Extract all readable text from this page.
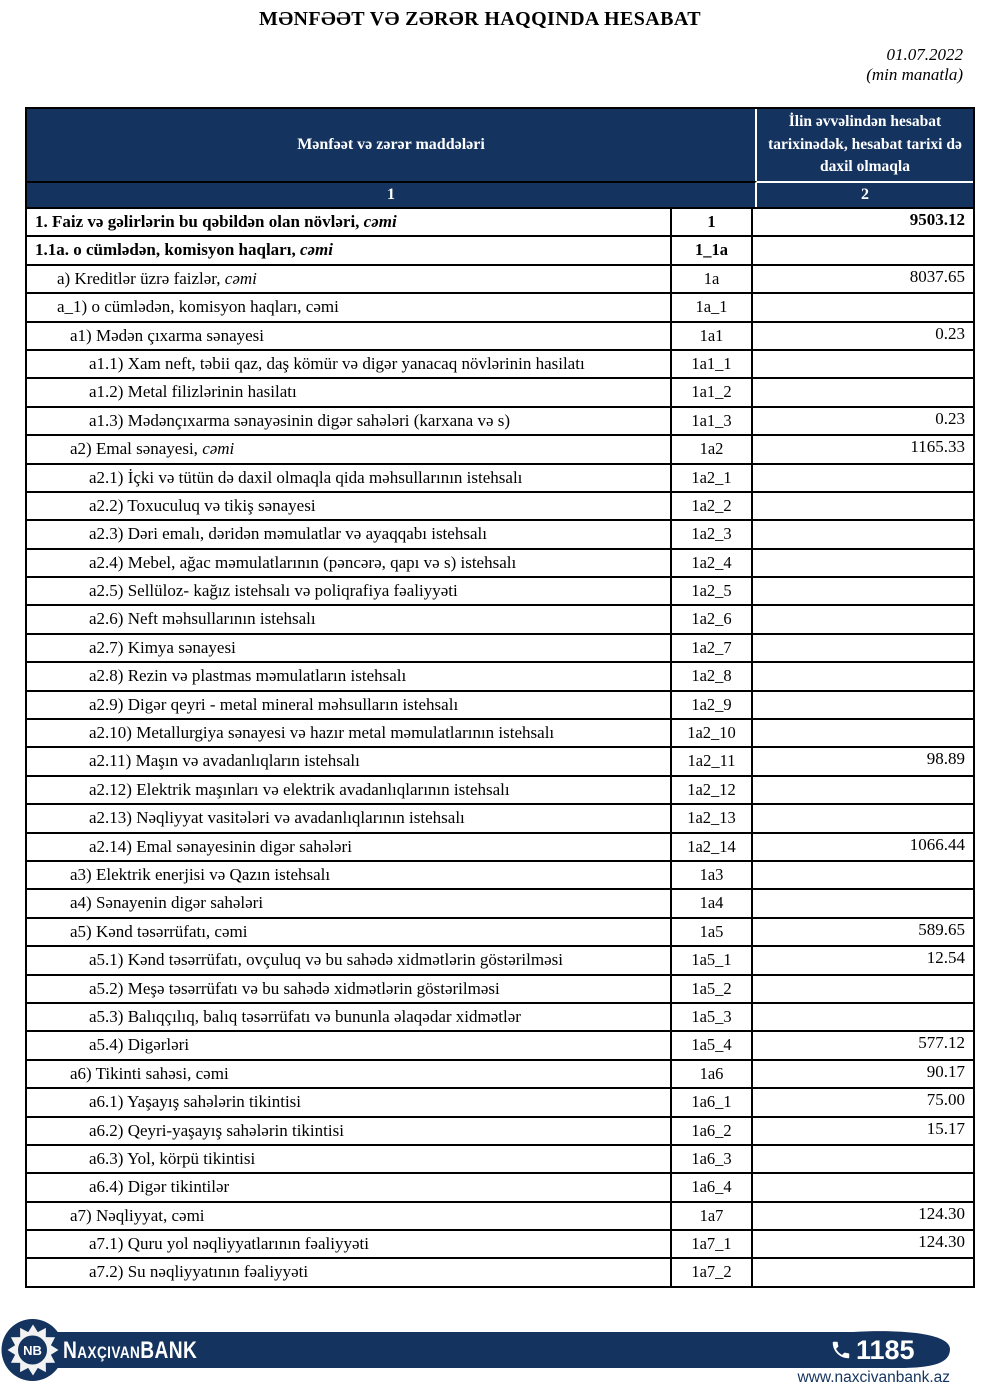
MƏNFƏƏT VƏ ZƏRƏR HAQQINDA HESABAT
01.07.2022
(min manatla)
Mənfəət və zərər maddələri
İlin əvvəlindən hesabat tarixinədək, hesabat tarixi də daxil olmaqla
1	2
1. Faiz və gəlirlərin bu qəbildən olan növləri, cəmi	1	9503.12
1.1a. o cümlədən, komisyon haqları, cəmi	1_1a
a) Kreditlər üzrə faizlər, cəmi	1a	8037.65
a_1) o cümlədən, komisyon haqları, cəmi	1a_1
a1) Mədən çıxarma sənayesi	1a1	0.23
a1.1) Xam neft, təbii qaz, daş kömür və digər yanacaq növlərinin hasilatı	1a1_1
a1.2) Metal filizlərinin hasilatı	1a1_2
a1.3) Mədənçıxarma sənayəsinin digər sahələri (karxana və s)	1a1_3	0.23
a2) Emal sənayesi, cəmi	1a2	1165.33
a2.1) İçki və tütün də daxil olmaqla qida məhsullarının istehsalı	1a2_1
a2.2) Toxuculuq və tikiş sənayesi	1a2_2
a2.3) Dəri emalı, dəridən məmulatlar və ayaqqabı istehsalı	1a2_3
a2.4) Mebel, ağac məmulatlarının (pəncərə, qapı və s) istehsalı	1a2_4
a2.5) Sellüloz- kağız istehsalı və poliqrafiya fəaliyyəti	1a2_5
a2.6) Neft məhsullarının istehsalı	1a2_6
a2.7) Kimya sənayesi	1a2_7
a2.8) Rezin və plastmas məmulatların istehsalı	1a2_8
a2.9) Digər qeyri - metal mineral məhsulların istehsalı	1a2_9
a2.10) Metallurgiya sənayesi və hazır metal məmulatlarının istehsalı	1a2_10
a2.11) Maşın və avadanlıqların istehsalı	1a2_11	98.89
a2.12) Elektrik maşınları və elektrik avadanlıqlarının istehsalı	1a2_12
a2.13) Nəqliyyat vasitələri və avadanlıqlarının istehsalı	1a2_13
a2.14) Emal sənayesinin digər sahələri	1a2_14	1066.44
a3) Elektrik enerjisi və Qazın istehsalı	1a3
a4) Sənayenin digər sahələri	1a4
a5) Kənd təsərrüfatı, cəmi	1a5	589.65
a5.1) Kənd təsərrüfatı, ovçuluq və bu sahədə xidmətlərin göstərilməsi	1a5_1	12.54
a5.2) Meşə təsərrüfatı və bu sahədə xidmətlərin göstərilməsi	1a5_2
a5.3) Balıqçılıq, balıq təsərrüfatı və bununla əlaqədar xidmətlər	1a5_3
a5.4) Digərləri	1a5_4	577.12
a6) Tikinti sahəsi, cəmi	1a6	90.17
a6.1) Yaşayış sahələrin tikintisi	1a6_1	75.00
a6.2) Qeyri-yaşayış sahələrin tikintisi	1a6_2	15.17
a6.3) Yol, körpü tikintisi	1a6_3
a6.4) Digər tikintilər	1a6_4
a7) Nəqliyyat, cəmi	1a7	124.30
a7.1) Quru yol nəqliyyatlarının fəaliyyəti	1a7_1	124.30
a7.2) Su nəqliyyatının fəaliyyəti	1a7_2
NB NaxçıvanBANK	1185
www.naxcivanbank.az
